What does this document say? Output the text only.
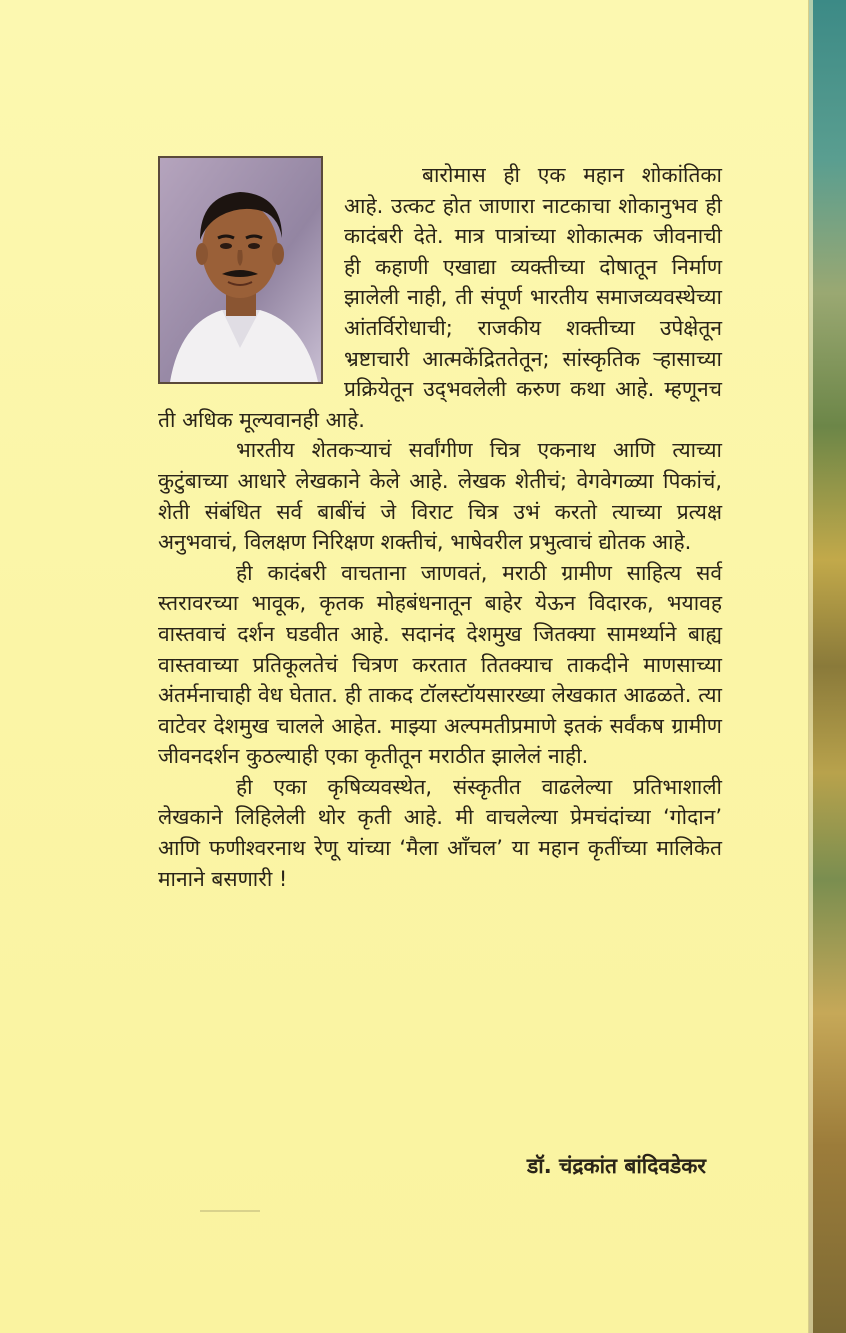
बारोमास ही एक महान शोकांतिका आहे. उत्कट होत जाणारा नाटकाचा शोकानुभव ही कादंबरी देते. मात्र पात्रांच्या शोकात्मक जीवनाची ही कहाणी एखाद्या व्यक्तीच्या दोषातून निर्माण झालेली नाही, ती संपूर्ण भारतीय समाजव्यवस्थेच्या आंतर्विरोधाची; राजकीय शक्तीच्या उपेक्षेतून भ्रष्टाचारी आत्मकेंद्रिततेतून; सांस्कृतिक ऱ्हासाच्या प्रक्रियेतून उद्‌भवलेली करुण कथा आहे. म्हणूनच ती अधिक मूल्यवानही आहे.

भारतीय शेतकऱ्याचं सर्वांगीण चित्र एकनाथ आणि त्याच्या कुटुंबाच्या आधारे लेखकाने केले आहे. लेखक शेतीचं; वेगवेगळ्या पिकांचं, शेती संबंधित सर्व बाबींचं जे विराट चित्र उभं करतो त्याच्या प्रत्यक्ष अनुभवाचं, विलक्षण निरिक्षण शक्तीचं, भाषेवरील प्रभुत्वाचं द्योतक आहे.

ही कादंबरी वाचताना जाणवतं, मराठी ग्रामीण साहित्य सर्व स्तरावरच्या भावूक, कृतक मोहबंधनातून बाहेर येऊन विदारक, भयावह वास्तवाचं दर्शन घडवीत आहे. सदानंद देशमुख जितक्या सामर्थ्याने बाह्य वास्तवाच्या प्रतिकूलतेचं चित्रण करतात तितक्याच ताकदीने माणसाच्या अंतर्मनाचाही वेध घेतात. ही ताकद टॉलस्टॉयसारख्या लेखकात आढळते. त्या वाटेवर देशमुख चालले आहेत. माझ्या अल्पमतीप्रमाणे इतकं सर्वंकष ग्रामीण जीवनदर्शन कुठल्याही एका कृतीतून मराठीत झालेलं नाही.

ही एका कृषिव्यवस्थेत, संस्कृतीत वाढलेल्या प्रतिभाशाली लेखकाने लिहिलेली थोर कृती आहे. मी वाचलेल्या प्रेमचंदांच्या ‘गोदान’ आणि फणीश्वरनाथ रेणू यांच्या ‘मैला आँचल’ या महान कृतींच्या मालिकेत मानाने बसणारी !

डॉ. चंद्रकांत बांदिवडेकर
